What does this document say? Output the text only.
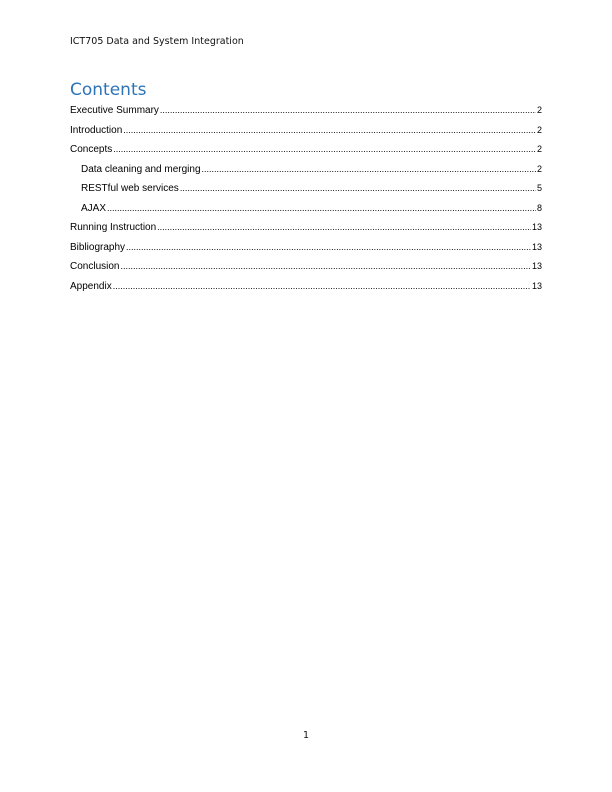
ICT705 Data and System Integration
Contents
Executive Summary .....	2
Introduction .....	2
Concepts .....	2
Data cleaning and merging .....	2
RESTful web services .....	5
AJAX .....	8
Running Instruction .....	13
Bibliography .....	13
Conclusion .....	13
Appendix .....	13
1
